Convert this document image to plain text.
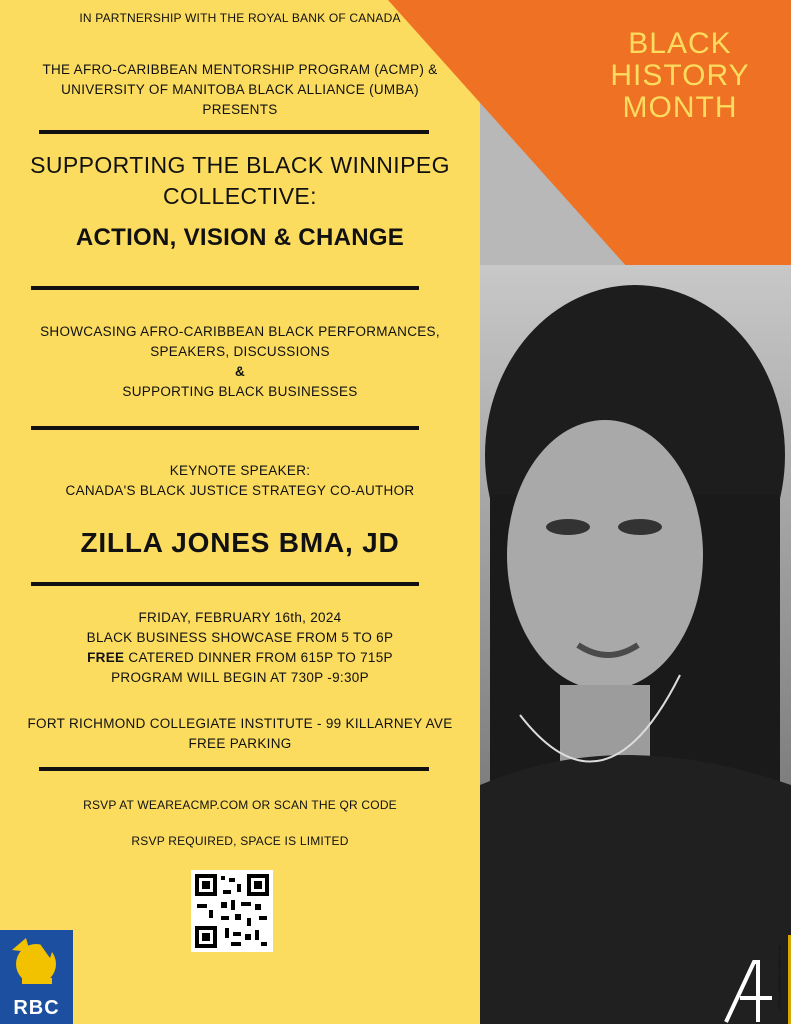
BLACK
HISTORY
MONTH
IN PARTNERSHIP WITH THE ROYAL BANK OF CANADA
THE AFRO-CARIBBEAN MENTORSHIP PROGRAM (ACMP) &
UNIVERSITY OF MANITOBA BLACK ALLIANCE (UMBA)
PRESENTS
SUPPORTING THE BLACK WINNIPEG
COLLECTIVE:
ACTION, VISION & CHANGE
SHOWCASING AFRO-CARIBBEAN BLACK PERFORMANCES,
SPEAKERS, DISCUSSIONS
&
SUPPORTING BLACK BUSINESSES
KEYNOTE SPEAKER:
CANADA'S BLACK JUSTICE STRATEGY CO-AUTHOR
ZILLA JONES BMA, JD
FRIDAY, FEBRUARY 16th, 2024
BLACK BUSINESS SHOWCASE FROM 5 TO 6P
FREE CATERED DINNER FROM 615P TO 715P
PROGRAM WILL BEGIN AT 730P -9:30P
FORT RICHMOND COLLEGIATE INSTITUTE - 99 KILLARNEY AVE
FREE PARKING
RSVP AT WEAREACMP.COM OR SCAN THE QR CODE
RSVP REQUIRED, SPACE IS LIMITED
RBC	Afro-Caribbean Mentorship Program
